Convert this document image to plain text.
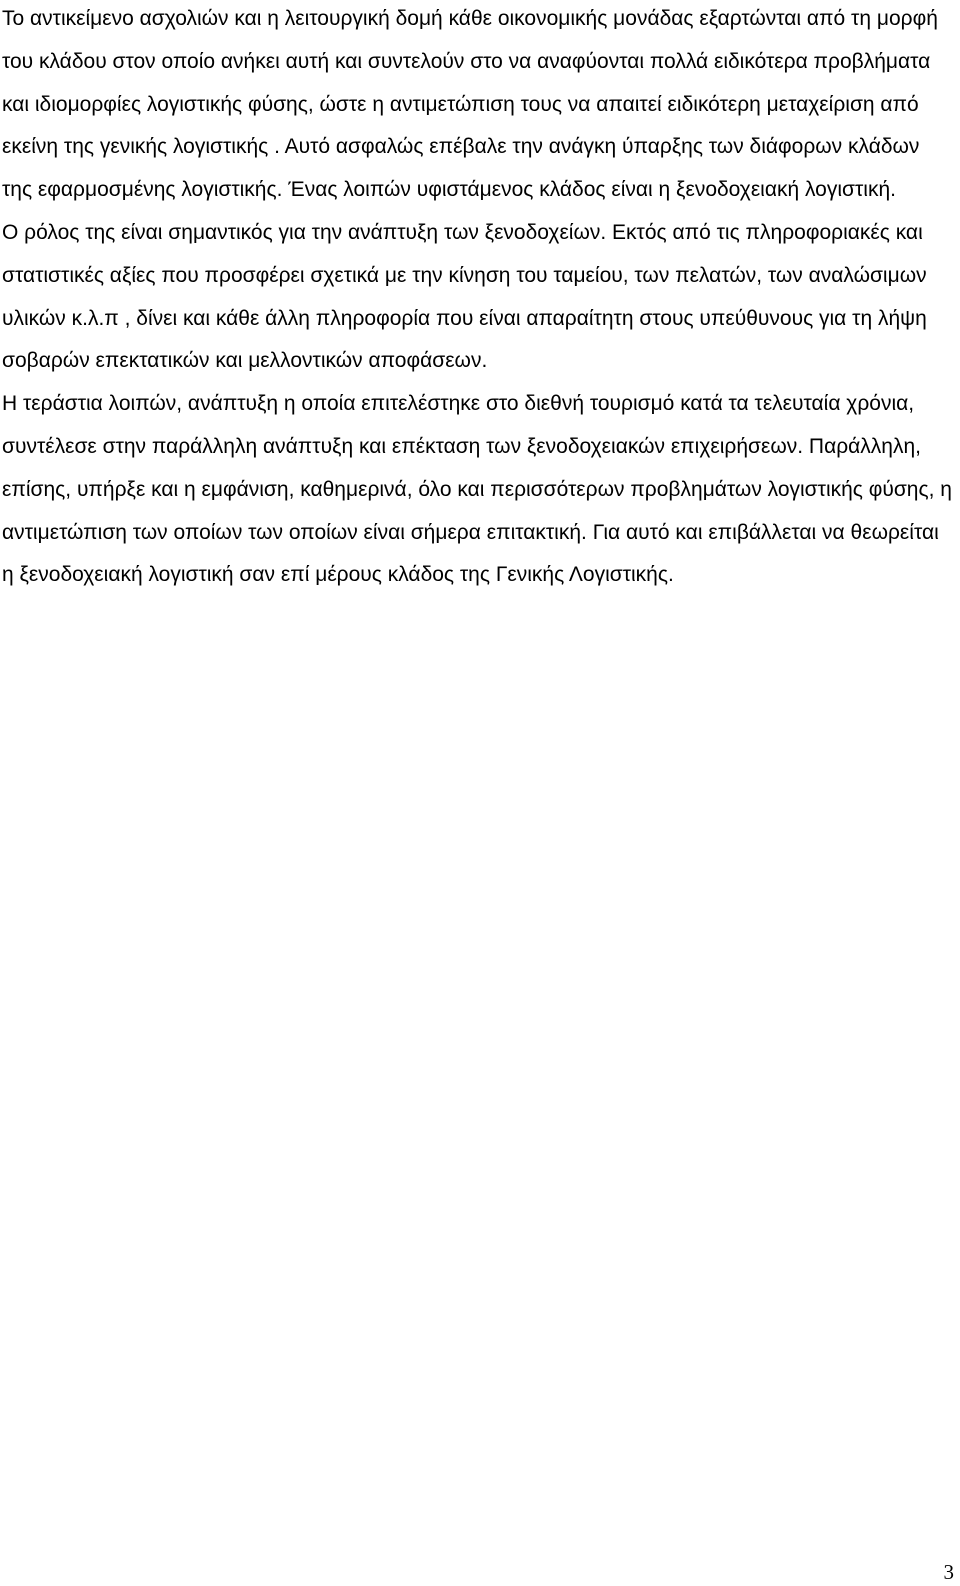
Το αντικείμενο ασχολιών και η λειτουργική δομή κάθε οικονομικής μονάδας εξαρτώνται από τη μορφή του κλάδου στον οποίο ανήκει αυτή και συντελούν στο να αναφύονται πολλά ειδικότερα προβλήματα και ιδιομορφίες λογιστικής φύσης, ώστε η αντιμετώπιση τους να απαιτεί ειδικότερη μεταχείριση από εκείνη της γενικής λογιστικής . Αυτό ασφαλώς επέβαλε την ανάγκη ύπαρξης των διάφορων κλάδων της εφαρμοσμένης λογιστικής. Ένας λοιπών υφιστάμενος κλάδος είναι η ξενοδοχειακή λογιστική.

Ο ρόλος της είναι σημαντικός για την ανάπτυξη των ξενοδοχείων. Εκτός από τις πληροφοριακές και στατιστικές αξίες που προσφέρει σχετικά με την κίνηση του ταμείου, των πελατών, των αναλώσιμων υλικών κ.λ.π , δίνει και κάθε άλλη πληροφορία που είναι απαραίτητη στους υπεύθυνους για τη λήψη σοβαρών επεκτατικών και μελλοντικών αποφάσεων.

Η τεράστια λοιπών, ανάπτυξη η οποία επιτελέστηκε στο διεθνή τουρισμό κατά τα τελευταία χρόνια, συντέλεσε στην παράλληλη ανάπτυξη και επέκταση των ξενοδοχειακών επιχειρήσεων. Παράλληλη, επίσης, υπήρξε και η εμφάνιση, καθημερινά, όλο και περισσότερων προβλημάτων λογιστικής φύσης, η αντιμετώπιση των οποίων των οποίων είναι σήμερα επιτακτική. Για αυτό και επιβάλλεται να θεωρείται η ξενοδοχειακή λογιστική σαν επί μέρους κλάδος της Γενικής Λογιστικής.

3
